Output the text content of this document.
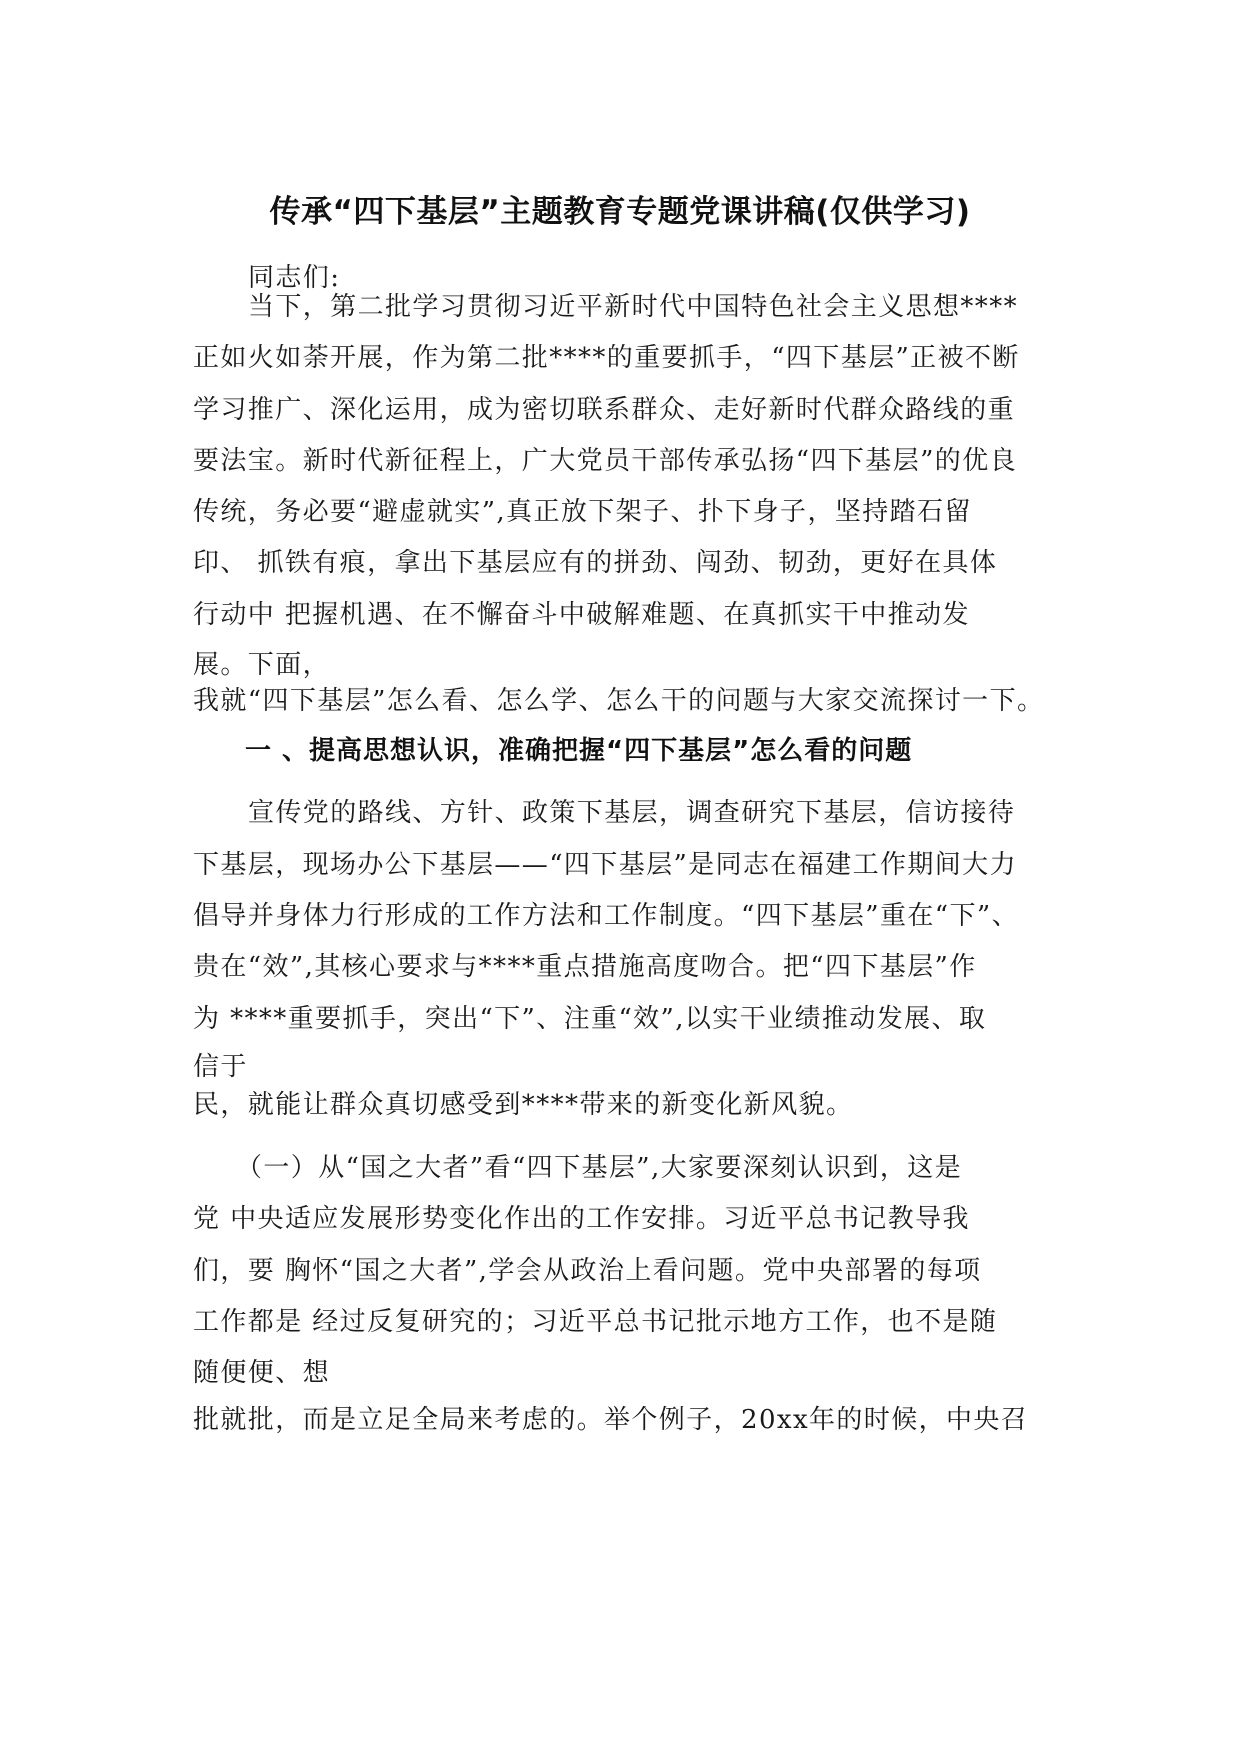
传承“四下基层”主题教育专题党课讲稿(仅供学习)
同志们:
当下，第二批学习贯彻习近平新时代中国特色社会主义思想****
正如火如荼开展，作为第二批****的重要抓手，“四下基层”正被不断
学习推广、深化运用，成为密切联系群众、走好新时代群众路线的重
要法宝。新时代新征程上，广大党员干部传承弘扬“四下基层”的优良
传统，务必要“避虚就实”,真正放下架子、扑下身子，坚持踏石留
印、 抓铁有痕，拿出下基层应有的拼劲、闯劲、韧劲，更好在具体
行动中 把握机遇、在不懈奋斗中破解难题、在真抓实干中推动发
展。下面，
我就“四下基层”怎么看、怎么学、怎么干的问题与大家交流探讨一下。
一 、提高思想认识，准确把握“四下基层”怎么看的问题
宣传党的路线、方针、政策下基层，调查研究下基层，信访接待
下基层，现场办公下基层——“四下基层”是同志在福建工作期间大力
倡导并身体力行形成的工作方法和工作制度。“四下基层”重在“下”、
贵在“效”,其核心要求与****重点措施高度吻合。把“四下基层”作
为 ****重要抓手，突出“下”、注重“效”,以实干业绩推动发展、取
信于
民，就能让群众真切感受到****带来的新变化新风貌。
（一）从“国之大者”看“四下基层”,大家要深刻认识到，这是
党 中央适应发展形势变化作出的工作安排。习近平总书记教导我
们，要 胸怀“国之大者”,学会从政治上看问题。党中央部署的每项
工作都是 经过反复研究的；习近平总书记批示地方工作，也不是随
随便便、想
批就批，而是立足全局来考虑的。举个例子，20xx年的时候，中央召
